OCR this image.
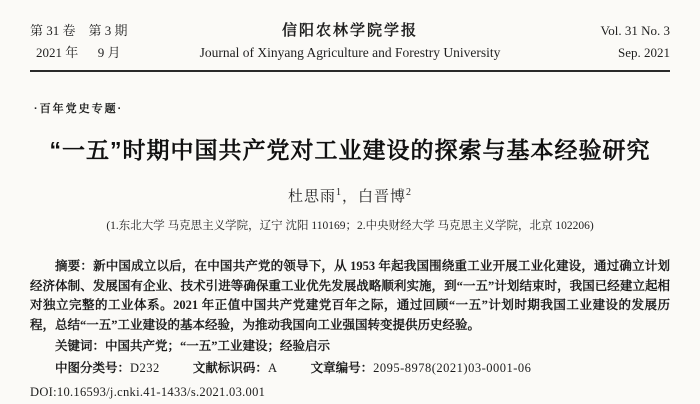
第 31 卷　第 3 期
2021 年　  9 月
信阳农林学院学报
Journal of Xinyang Agriculture and Forestry University
Vol. 31 No. 3
Sep. 2021
·百年党史专题·
“一五”时期中国共产党对工业建设的探索与基本经验研究
杜思雨$^1$，白晋博$^2$
(1.东北大学 马克思主义学院，辽宁 沈阳 110169；2.中央财经大学 马克思主义学院，北京 102206)

摘要：新中国成立以后，在中国共产党的领导下，从 1953 年起我国围绕重工业开展工业化建设，通过确立计划经济体制、发展国有企业、技术引进等确保重工业优先发展战略顺利实施，到“一五”计划结束时，我国已经建立起相对独立完整的工业体系。2021 年正值中国共产党建党百年之际，通过回顾“一五”计划时期我国工业建设的发展历程，总结“一五”工业建设的基本经验，为推动我国向工业强国转变提供历史经验。

关键词：中国共产党；“一五”工业建设；经验启示
中图分类号：D232	文献标识码：A	文章编号：2095-8978(2021)03-0001-06
DOI:10.16593/j.cnki.41-1433/s.2021.03.001
